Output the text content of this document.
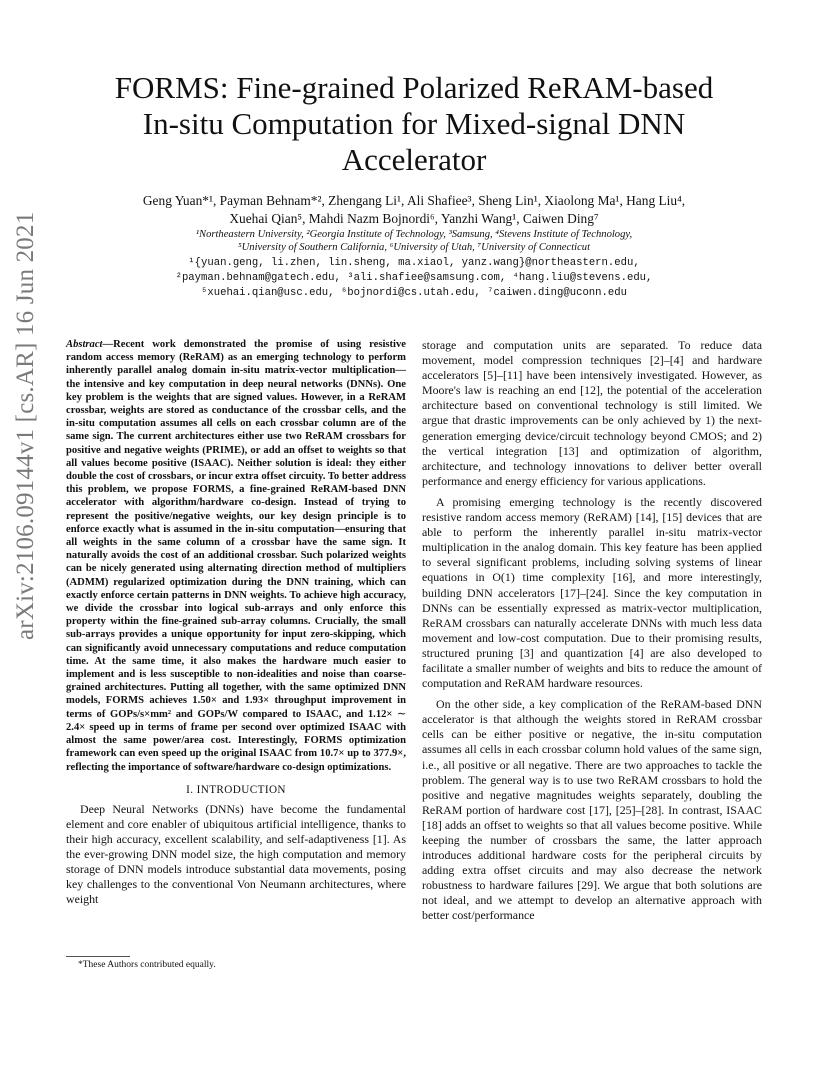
FORMS: Fine-grained Polarized ReRAM-based
In-situ Computation for Mixed-signal DNN
Accelerator
Geng Yuan*¹, Payman Behnam*², Zhengang Li¹, Ali Shafiee³, Sheng Lin¹, Xiaolong Ma¹, Hang Liu⁴,
Xuehai Qian⁵, Mahdi Nazm Bojnordi⁶, Yanzhi Wang¹, Caiwen Ding⁷
¹Northeastern University, ²Georgia Institute of Technology, ³Samsung, ⁴Stevens Institute of Technology,
⁵University of Southern California, ⁶University of Utah, ⁷University of Connecticut
¹{yuan.geng, li.zhen, lin.sheng, ma.xiaol, yanz.wang}@northeastern.edu,
²payman.behnam@gatech.edu, ³ali.shafiee@samsung.com, ⁴hang.liu@stevens.edu,
⁵xuehai.qian@usc.edu, ⁶bojnordi@cs.utah.edu, ⁷caiwen.ding@uconn.edu
arXiv:2106.09144v1 [cs.AR] 16 Jun 2021	Abstract—Recent work demonstrated the promise of using resistive random access memory (ReRAM) as an emerging technology to perform inherently parallel analog domain in-situ matrix-vector multiplication—the intensive and key computation in deep neural networks (DNNs). One key problem is the weights that are signed values. However, in a ReRAM crossbar, weights are stored as conductance of the crossbar cells, and the in-situ computation assumes all cells on each crossbar column are of the same sign. The current architectures either use two ReRAM crossbars for positive and negative weights (PRIME), or add an offset to weights so that all values become positive (ISAAC). Neither solution is ideal: they either double the cost of crossbars, or incur extra offset circuity. To better address this problem, we propose FORMS, a fine-grained ReRAM-based DNN accelerator with algorithm/hardware co-design. Instead of trying to represent the positive/negative weights, our key design principle is to enforce exactly what is assumed in the in-situ computation—ensuring that all weights in the same column of a crossbar have the same sign. It naturally avoids the cost of an additional crossbar. Such polarized weights can be nicely generated using alternating direction method of multipliers (ADMM) regularized optimization during the DNN training, which can exactly enforce certain patterns in DNN weights. To achieve high accuracy, we divide the crossbar into logical sub-arrays and only enforce this property within the fine-grained sub-array columns. Crucially, the small sub-arrays provides a unique opportunity for input zero-skipping, which can significantly avoid unnecessary computations and reduce computation time. At the same time, it also makes the hardware much easier to implement and is less susceptible to non-idealities and noise than coarse-grained architectures. Putting all together, with the same optimized DNN models, FORMS achieves 1.50× and 1.93× throughput improvement in terms of GOPs/s×mm² and GOPs/W compared to ISAAC, and 1.12× ∼ 2.4× speed up in terms of frame per second over optimized ISAAC with almost the same power/area cost. Interestingly, FORMS optimization framework can even speed up the original ISAAC from 10.7× up to 377.9×, reflecting the importance of software/hardware co-design optimizations.

I. INTRODUCTION

Deep Neural Networks (DNNs) have become the fundamental element and core enabler of ubiquitous artificial intelligence, thanks to their high accuracy, excellent scalability, and self-adaptiveness [1]. As the ever-growing DNN model size, the high computation and memory storage of DNN models introduce substantial data movements, posing key challenges to the conventional Von Neumann architectures, where weight

storage and computation units are separated. To reduce data movement, model compression techniques [2]–[4] and hardware accelerators [5]–[11] have been intensively investigated. However, as Moore's law is reaching an end [12], the potential of the acceleration architecture based on conventional technology is still limited. We argue that drastic improvements can be only achieved by 1) the next-generation emerging device/circuit technology beyond CMOS; and 2) the vertical integration [13] and optimization of algorithm, architecture, and technology innovations to deliver better overall performance and energy efficiency for various applications.

A promising emerging technology is the recently discovered resistive random access memory (ReRAM) [14], [15] devices that are able to perform the inherently parallel in-situ matrix-vector multiplication in the analog domain. This key feature has been applied to several significant problems, including solving systems of linear equations in O(1) time complexity [16], and more interestingly, building DNN accelerators [17]–[24]. Since the key computation in DNNs can be essentially expressed as matrix-vector multiplication, ReRAM crossbars can naturally accelerate DNNs with much less data movement and low-cost computation. Due to their promising results, structured pruning [3] and quantization [4] are also developed to facilitate a smaller number of weights and bits to reduce the amount of computation and ReRAM hardware resources.

On the other side, a key complication of the ReRAM-based DNN accelerator is that although the weights stored in ReRAM crossbar cells can be either positive or negative, the in-situ computation assumes all cells in each crossbar column hold values of the same sign, i.e., all positive or all negative. There are two approaches to tackle the problem. The general way is to use two ReRAM crossbars to hold the positive and negative magnitudes weights separately, doubling the ReRAM portion of hardware cost [17], [25]–[28]. In contrast, ISAAC [18] adds an offset to weights so that all values become positive. While keeping the number of crossbars the same, the latter approach introduces additional hardware costs for the peripheral circuits by adding extra offset circuits and may also decrease the network robustness to hardware failures [29]. We argue that both solutions are not ideal, and we attempt to develop an alternative approach with better cost/performance

*These Authors contributed equally.
